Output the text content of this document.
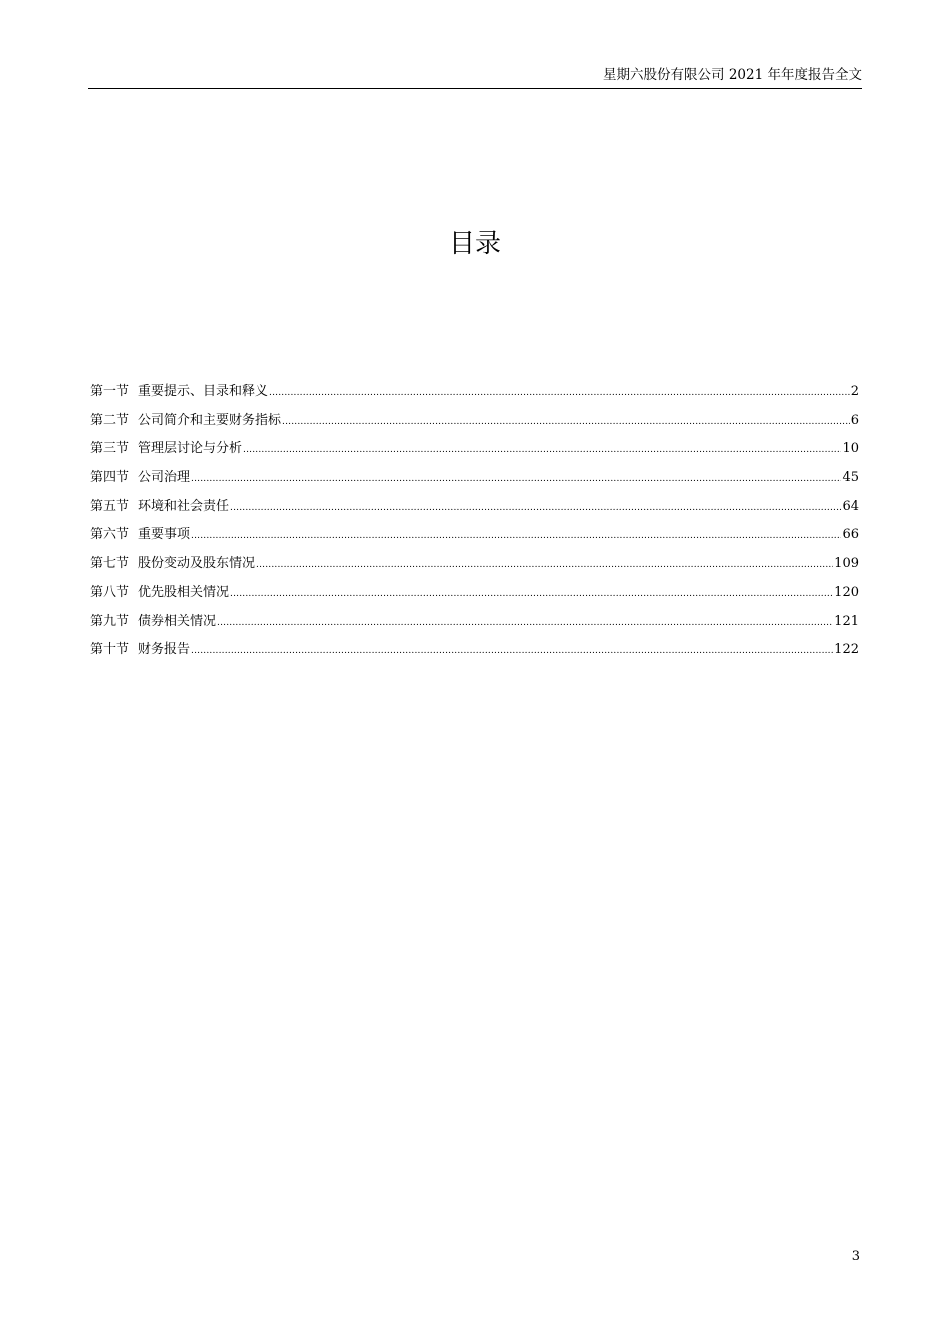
星期六股份有限公司 2021 年年度报告全文
目录
第一节 重要提示、目录和释义 .....	2
第二节 公司简介和主要财务指标 .....	6
第三节 管理层讨论与分析 .....	10
第四节 公司治理 .....	45
第五节 环境和社会责任 .....	64
第六节 重要事项 .....	66
第七节 股份变动及股东情况 .....	109
第八节 优先股相关情况 .....	120
第九节 债券相关情况 .....	121
第十节 财务报告 .....	122
3
